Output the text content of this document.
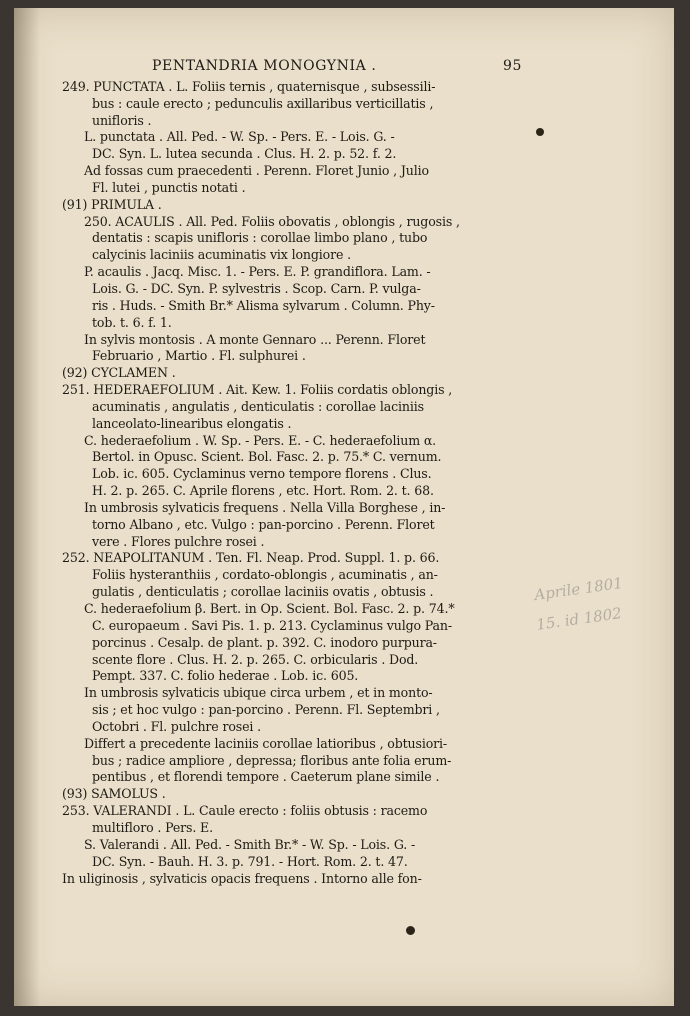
PENTANDRIA MONOGYNIA .	95
249. PUNCTATA . L. Foliis ternis , quaternisque , subsessili-
bus : caule erecto ; pedunculis axillaribus verticillatis ,
unifloris .
L. punctata . All. Ped. - W. Sp. - Pers. E. - Lois. G. -
DC. Syn. L. lutea secunda . Clus. H. 2. p. 52. f. 2.
Ad fossas cum praecedenti . Perenn. Floret Junio , Julio
Fl. lutei , punctis notati .
(91) PRIMULA .
250. ACAULIS . All. Ped. Foliis obovatis , oblongis , rugosis ,
dentatis : scapis unifloris : corollae limbo plano , tubo
calycinis laciniis acuminatis vix longiore .
P. acaulis . Jacq. Misc. 1. - Pers. E. P. grandiflora. Lam. -
Lois. G. - DC. Syn. P. sylvestris . Scop. Carn. P. vulga-
ris . Huds. - Smith Br.* Alisma sylvarum . Column. Phy-
tob. t. 6. f. 1.
In sylvis montosis . A monte Gennaro ... Perenn. Floret
Februario , Martio . Fl. sulphurei .
(92) CYCLAMEN .
251. HEDERAEFOLIUM . Ait. Kew. 1. Foliis cordatis oblongis ,
acuminatis , angulatis , denticulatis : corollae laciniis
lanceolato-linearibus elongatis .
C. hederaefolium . W. Sp. - Pers. E. - C. hederaefolium α.
Bertol. in Opusc. Scient. Bol. Fasc. 2. p. 75.* C. vernum.
Lob. ic. 605. Cyclaminus verno tempore florens . Clus.
H. 2. p. 265. C. Aprile florens , etc. Hort. Rom. 2. t. 68.
In umbrosis sylvaticis frequens . Nella Villa Borghese , in-
torno Albano , etc. Vulgo : pan-porcino . Perenn. Floret
vere . Flores pulchre rosei .
252. NEAPOLITANUM . Ten. Fl. Neap. Prod. Suppl. 1. p. 66.
Foliis hysteranthiis , cordato-oblongis , acuminatis , an-
gulatis , denticulatis ; corollae laciniis ovatis , obtusis .
C. hederaefolium β. Bert. in Op. Scient. Bol. Fasc. 2. p. 74.*
C. europaeum . Savi Pis. 1. p. 213. Cyclaminus vulgo Pan-
porcinus . Cesalp. de plant. p. 392. C. inodoro purpura-
scente flore . Clus. H. 2. p. 265. C. orbicularis . Dod.
Pempt. 337. C. folio hederae . Lob. ic. 605.
In umbrosis sylvaticis ubique circa urbem , et in monto-
sis ; et hoc vulgo : pan-porcino . Perenn. Fl. Septembri ,
Octobri . Fl. pulchre rosei .
Differt a precedente laciniis corollae latioribus , obtusiori-
bus ; radice ampliore , depressa; floribus ante folia erum-
pentibus , et florendi tempore . Caeterum plane simile .
(93) SAMOLUS .
253. VALERANDI . L. Caule erecto : foliis obtusis : racemo
multifloro . Pers. E.
S. Valerandi . All. Ped. - Smith Br.* - W. Sp. - Lois. G. -
DC. Syn. - Bauh. H. 3. p. 791. - Hort. Rom. 2. t. 47.
In uliginosis , sylvaticis opacis frequens . Intorno alle fon-
Aprile 1801
15. id 1802
